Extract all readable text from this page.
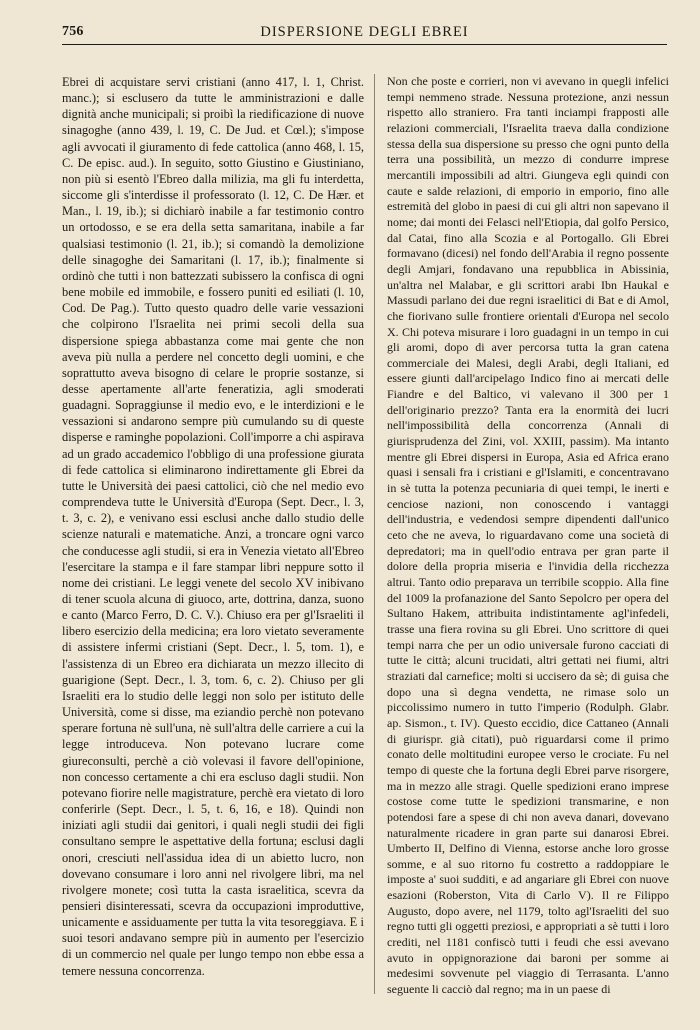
756	DISPERSIONE DEGLI EBREI

Ebrei di acquistare servi cristiani (anno 417, l. 1, Christ. manc.); si esclusero da tutte le amministrazioni e dalle dignità anche municipali; si proibì la riedificazione di nuove sinagoghe (anno 439, l. 19, C. De Jud. et Cœl.); s'impose agli avvocati il giuramento di fede cattolica (anno 468, l. 15, C. De episc. aud.). In seguito, sotto Giustino e Giustiniano, non più si esentò l'Ebreo dalla milizia, ma gli fu interdetta, siccome gli s'interdisse il professorato (l. 12, C. De Hær. et Man., l. 19, ib.); si dichiarò inabile a far testimonio contro un ortodosso, e se era della setta samaritana, inabile a far qualsiasi testimonio (l. 21, ib.); si comandò la demolizione delle sinagoghe dei Samaritani (l. 17, ib.); finalmente si ordinò che tutti i non battezzati subissero la confisca di ogni bene mobile ed immobile, e fossero puniti ed esiliati (l. 10, Cod. De Pag.). Tutto questo quadro delle varie vessazioni che colpirono l'Israelita nei primi secoli della sua dispersione spiega abbastanza come mai gente che non aveva più nulla a perdere nel concetto degli uomini, e che soprattutto aveva bisogno di celare le proprie sostanze, si desse apertamente all'arte feneratizia, agli smoderati guadagni. Sopraggiunse il medio evo, e le interdizioni e le vessazioni si andarono sempre più cumulando su di queste disperse e raminghe popolazioni. Coll'imporre a chi aspirava ad un grado accademico l'obbligo di una professione giurata di fede cattolica si eliminarono indirettamente gli Ebrei da tutte le Università dei paesi cattolici, ciò che nel medio evo comprendeva tutte le Università d'Europa (Sept. Decr., l. 3, t. 3, c. 2), e venivano essi esclusi anche dallo studio delle scienze naturali e matematiche. Anzi, a troncare ogni varco che conducesse agli studii, si era in Venezia vietato all'Ebreo l'esercitare la stampa e il fare stampar libri neppure sotto il nome dei cristiani. Le leggi venete del secolo XV inibivano di tener scuola alcuna di giuoco, arte, dottrina, danza, suono e canto (Marco Ferro, D. C. V.). Chiuso era per gl'Israeliti il libero esercizio della medicina; era loro vietato severamente di assistere infermi cristiani (Sept. Decr., l. 5, tom. 1), e l'assistenza di un Ebreo era dichiarata un mezzo illecito di guarigione (Sept. Decr., l. 3, tom. 6, c. 2). Chiuso per gli Israeliti era lo studio delle leggi non solo per istituto delle Università, come si disse, ma eziandio perchè non potevano sperare fortuna nè sull'una, nè sull'altra delle carriere a cui la legge introduceva. Non potevano lucrare come giureconsulti, perchè a ciò volevasi il favore dell'opinione, non concesso certamente a chi era escluso dagli studii. Non potevano fiorire nelle magistrature, perchè era vietato di loro conferirle (Sept. Decr., l. 5, t. 6, 16, e 18). Quindi non iniziati agli studii dai genitori, i quali negli studii dei figli consultano sempre le aspettative della fortuna; esclusi dagli onori, cresciuti nell'assidua idea di un abietto lucro, non dovevano consumare i loro anni nel rivolgere libri, ma nel rivolgere monete; così tutta la casta israelitica, scevra da pensieri disinteressati, scevra da occupazioni improduttive, unicamente e assiduamente per tutta la vita tesoreggiava. E i suoi tesori andavano sempre più in aumento per l'esercizio di un commercio nel quale per lungo tempo non ebbe essa a temere nessuna concorrenza.

Non che poste e corrieri, non vi avevano in quegli infelici tempi nemmeno strade. Nessuna protezione, anzi nessun rispetto allo straniero. Fra tanti inciampi frapposti alle relazioni commerciali, l'Israelita traeva dalla condizione stessa della sua dispersione su presso che ogni punto della terra una possibilità, un mezzo di condurre imprese mercantili impossibili ad altri. Giungeva egli quindi con caute e salde relazioni, di emporio in emporio, fino alle estremità del globo in paesi di cui gli altri non sapevano il nome; dai monti dei Felasci nell'Etiopia, dal golfo Persico, dal Catai, fino alla Scozia e al Portogallo. Gli Ebrei formavano (dicesi) nel fondo dell'Arabia il regno possente degli Amjari, fondavano una repubblica in Abissinia, un'altra nel Malabar, e gli scrittori arabi Ibn Haukal e Massudi parlano dei due regni israelitici di Bat e di Amol, che fiorivano sulle frontiere orientali d'Europa nel secolo X. Chi poteva misurare i loro guadagni in un tempo in cui gli aromi, dopo di aver percorsa tutta la gran catena commerciale dei Malesi, degli Arabi, degli Italiani, ed essere giunti dall'arcipelago Indico fino ai mercati delle Fiandre e del Baltico, vi valevano il 300 per 1 dell'originario prezzo? Tanta era la enormità dei lucri nell'impossibilità della concorrenza (Annali di giurisprudenza del Zini, vol. XXIII, passim). Ma intanto mentre gli Ebrei dispersi in Europa, Asia ed Africa erano quasi i sensali fra i cristiani e gl'Islamiti, e concentravano in sè tutta la potenza pecuniaria di quei tempi, le inerti e cenciose nazioni, non conoscendo i vantaggi dell'industria, e vedendosi sempre dipendenti dall'unico ceto che ne aveva, lo riguardavano come una società di depredatori; ma in quell'odio entrava per gran parte il dolore della propria miseria e l'invidia della ricchezza altrui. Tanto odio preparava un terribile scoppio. Alla fine del 1009 la profanazione del Santo Sepolcro per opera del Sultano Hakem, attribuita indistintamente agl'infedeli, trasse una fiera rovina su gli Ebrei. Uno scrittore di quei tempi narra che per un odio universale furono cacciati di tutte le città; alcuni trucidati, altri gettati nei fiumi, altri straziati dal carnefice; molti si uccisero da sè; di guisa che dopo una sì degna vendetta, ne rimase solo un piccolissimo numero in tutto l'imperio (Rodulph. Glabr. ap. Sismon., t. IV). Questo eccidio, dice Cattaneo (Annali di giurispr. già citati), può riguardarsi come il primo conato delle moltitudini europee verso le crociate. Fu nel tempo di queste che la fortuna degli Ebrei parve risorgere, ma in mezzo alle stragi. Quelle spedizioni erano imprese costose come tutte le spedizioni transmarine, e non potendosi fare a spese di chi non aveva danari, dovevano naturalmente ricadere in gran parte sui danarosi Ebrei. Umberto II, Delfino di Vienna, estorse anche loro grosse somme, e al suo ritorno fu costretto a raddoppiare le imposte a' suoi sudditi, e ad angariare gli Ebrei con nuove esazioni (Roberston, Vita di Carlo V). Il re Filippo Augusto, dopo avere, nel 1179, tolto agl'Israeliti del suo regno tutti gli oggetti preziosi, e appropriati a sè tutti i loro crediti, nel 1181 confiscò tutti i feudi che essi avevano avuto in oppignorazione dai baroni per somme ai medesimi sovvenute pel viaggio di Terrasanta. L'anno seguente li cacciò dal regno; ma in un paese di
